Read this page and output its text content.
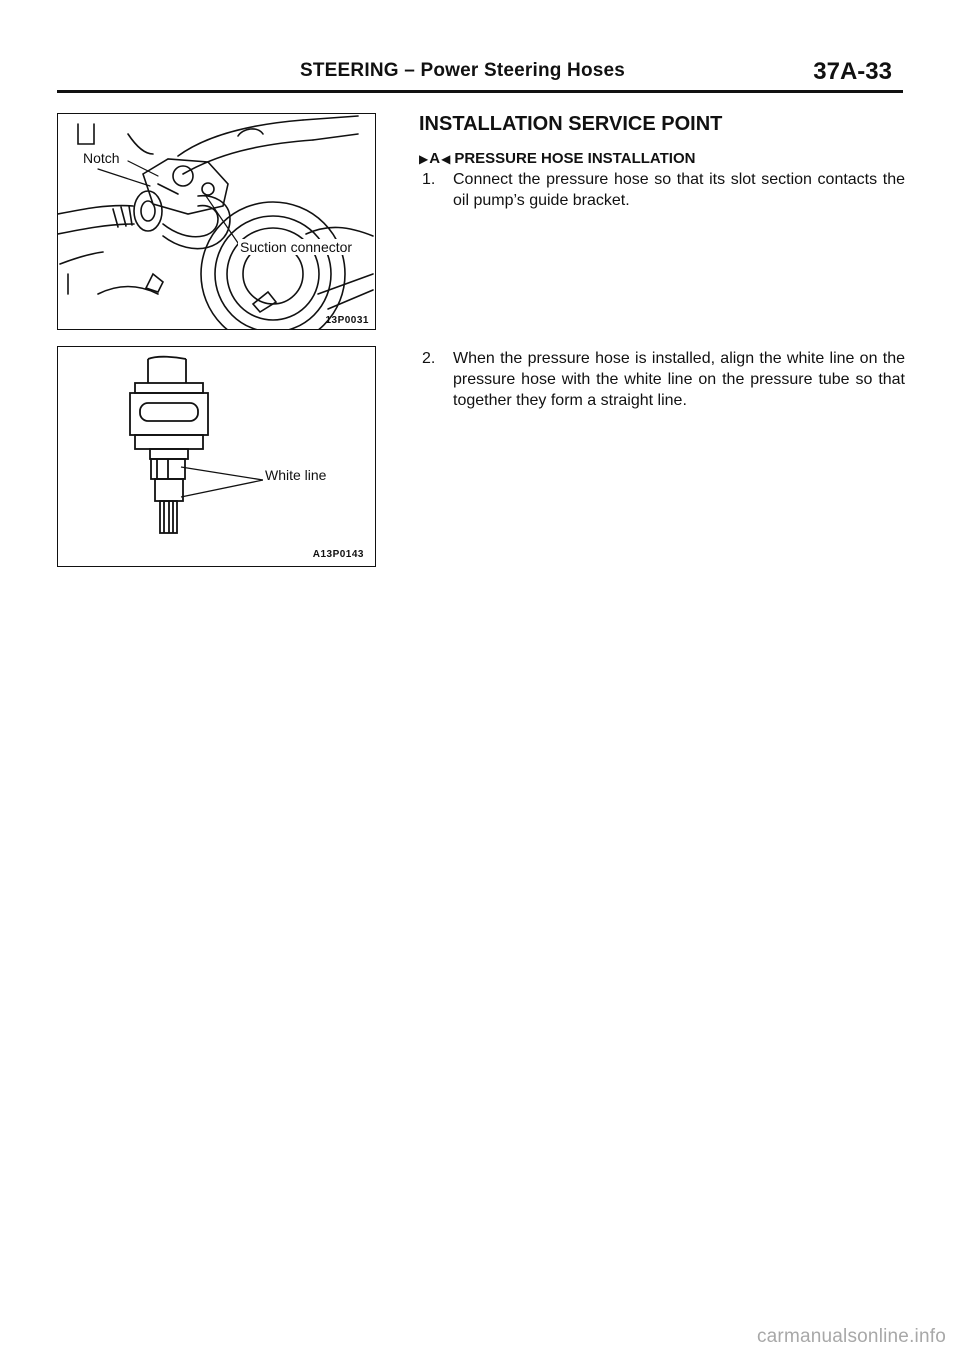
STEERING – Power Steering Hoses	37A-33
Notch
Suction connector
13P0031
White line
A13P0143
INSTALLATION SERVICE POINT
▶ A ◀ PRESSURE HOSE INSTALLATION
1. Connect the pressure hose so that its slot section contacts the oil pump’s guide bracket.
2. When the pressure hose is installed, align the white line on the pressure hose with the white line on the pressure tube so that together they form a straight line.
carmanualsonline.info
